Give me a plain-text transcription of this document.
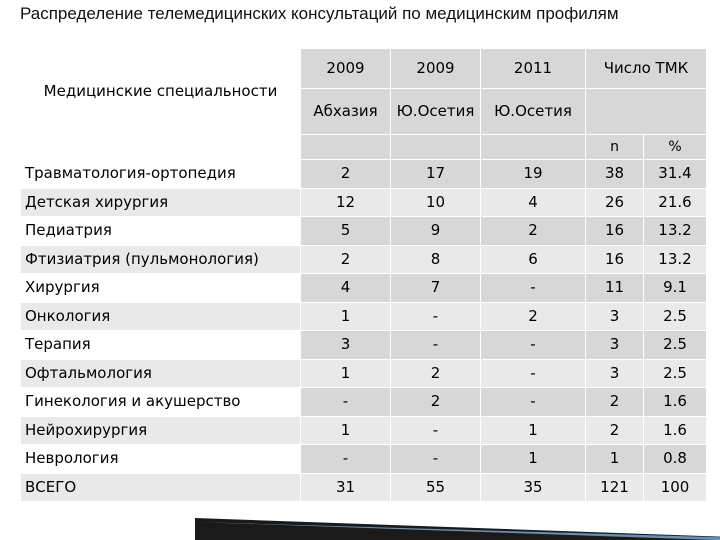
Распределение телемедицинских консультаций по медицинским профилям
Медицинские специальности	2009	2009	2011	Число ТМК	
	Абхазия	Ю.Осетия	Ю.Осетия		
				n	%
Травматология-ортопедия	2	17	19	38	31.4
Детская хирургия	12	10	4	26	21.6
Педиатрия	5	9	2	16	13.2
Фтизиатрия (пульмонология)	2	8	6	16	13.2
Хирургия	4	7	-	11	9.1
Онкология	1	-	2	3	2.5
Терапия	3	-	-	3	2.5
Офтальмология	1	2	-	3	2.5
Гинекология и акушерство	-	2	-	2	1.6
Нейрохирургия	1	-	1	2	1.6
Неврология	-	-	1	1	0.8
ВСЕГО	31	55	35	121	100
